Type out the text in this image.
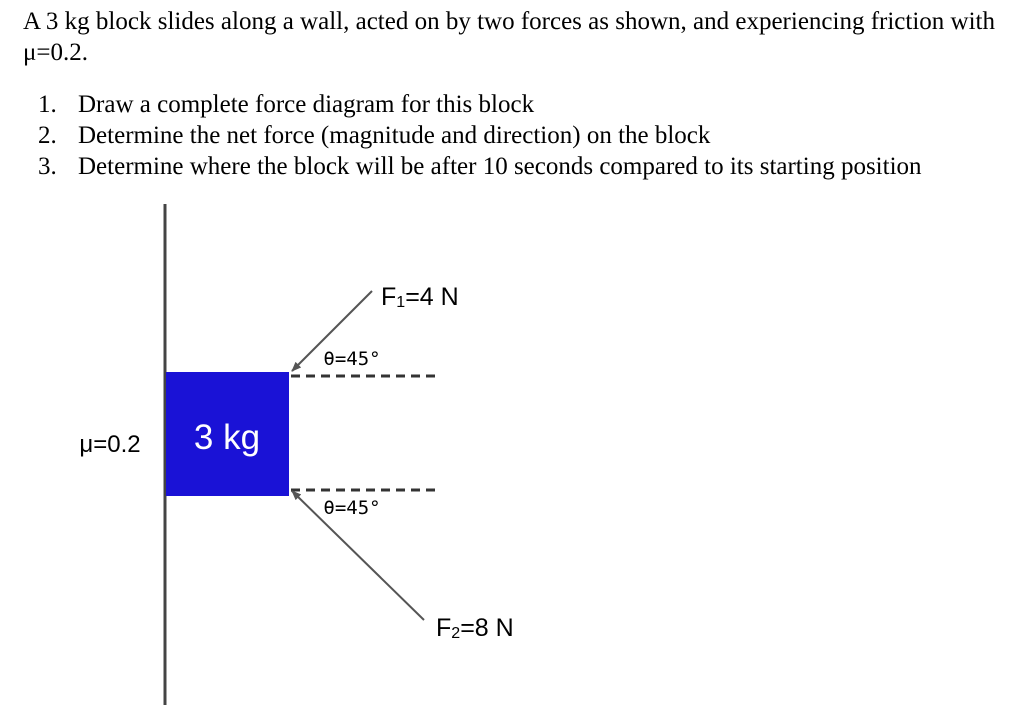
A 3 kg block slides along a wall, acted on by two forces as shown, and experiencing friction with μ=0.2.

1. Draw a complete force diagram for this block
2. Determine the net force (magnitude and direction) on the block
3. Determine where the block will be after 10 seconds compared to its starting position
3 kg
μ=0.2
θ=45°
θ=45°
F1=4 N
F2=8 N
